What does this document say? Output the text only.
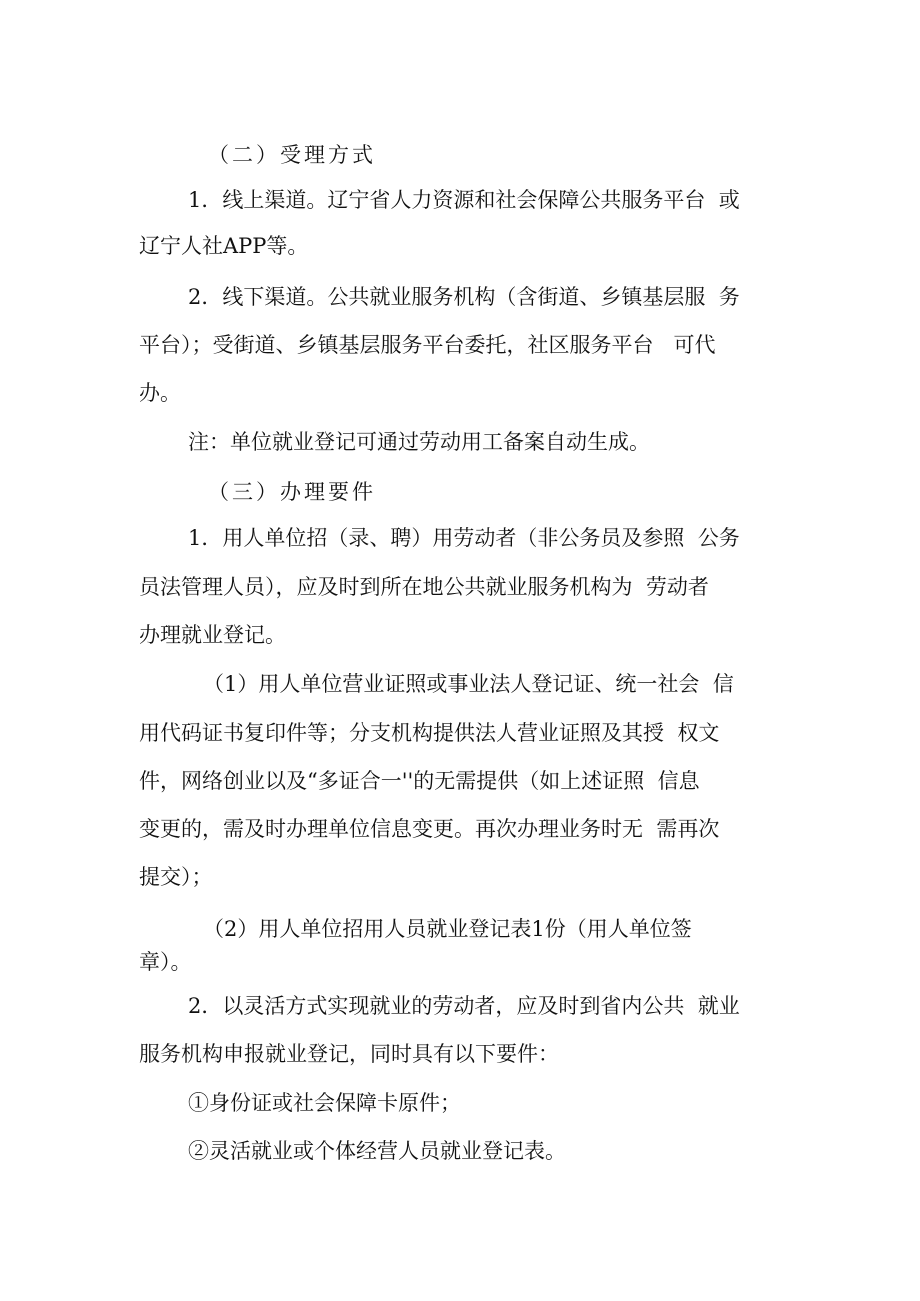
（二）受理方式
1．线上渠道。辽宁省人力资源和社会保障公共服务平台  或
辽宁人社APP等。
2．线下渠道。公共就业服务机构（含街道、乡镇基层服  务
平台）；受街道、乡镇基层服务平台委托，社区服务平台   可代
办。
注：单位就业登记可通过劳动用工备案自动生成。
（三）办理要件
1．用人单位招（录、聘）用劳动者（非公务员及参照  公务
员法管理人员），应及时到所在地公共就业服务机构为  劳动者
办理就业登记。
（1）用人单位营业证照或事业法人登记证、统一社会  信
用代码证书复印件等；分支机构提供法人营业证照及其授  权文
件，网络创业以及“多证合一''的无需提供（如上述证照  信息
变更的，需及时办理单位信息变更。再次办理业务时无  需再次
提交）；
（2）用人单位招用人员就业登记表1份（用人单位签
章）。
2．以灵活方式实现就业的劳动者，应及时到省内公共  就业
服务机构申报就业登记，同时具有以下要件：
①身份证或社会保障卡原件；
②灵活就业或个体经营人员就业登记表。
